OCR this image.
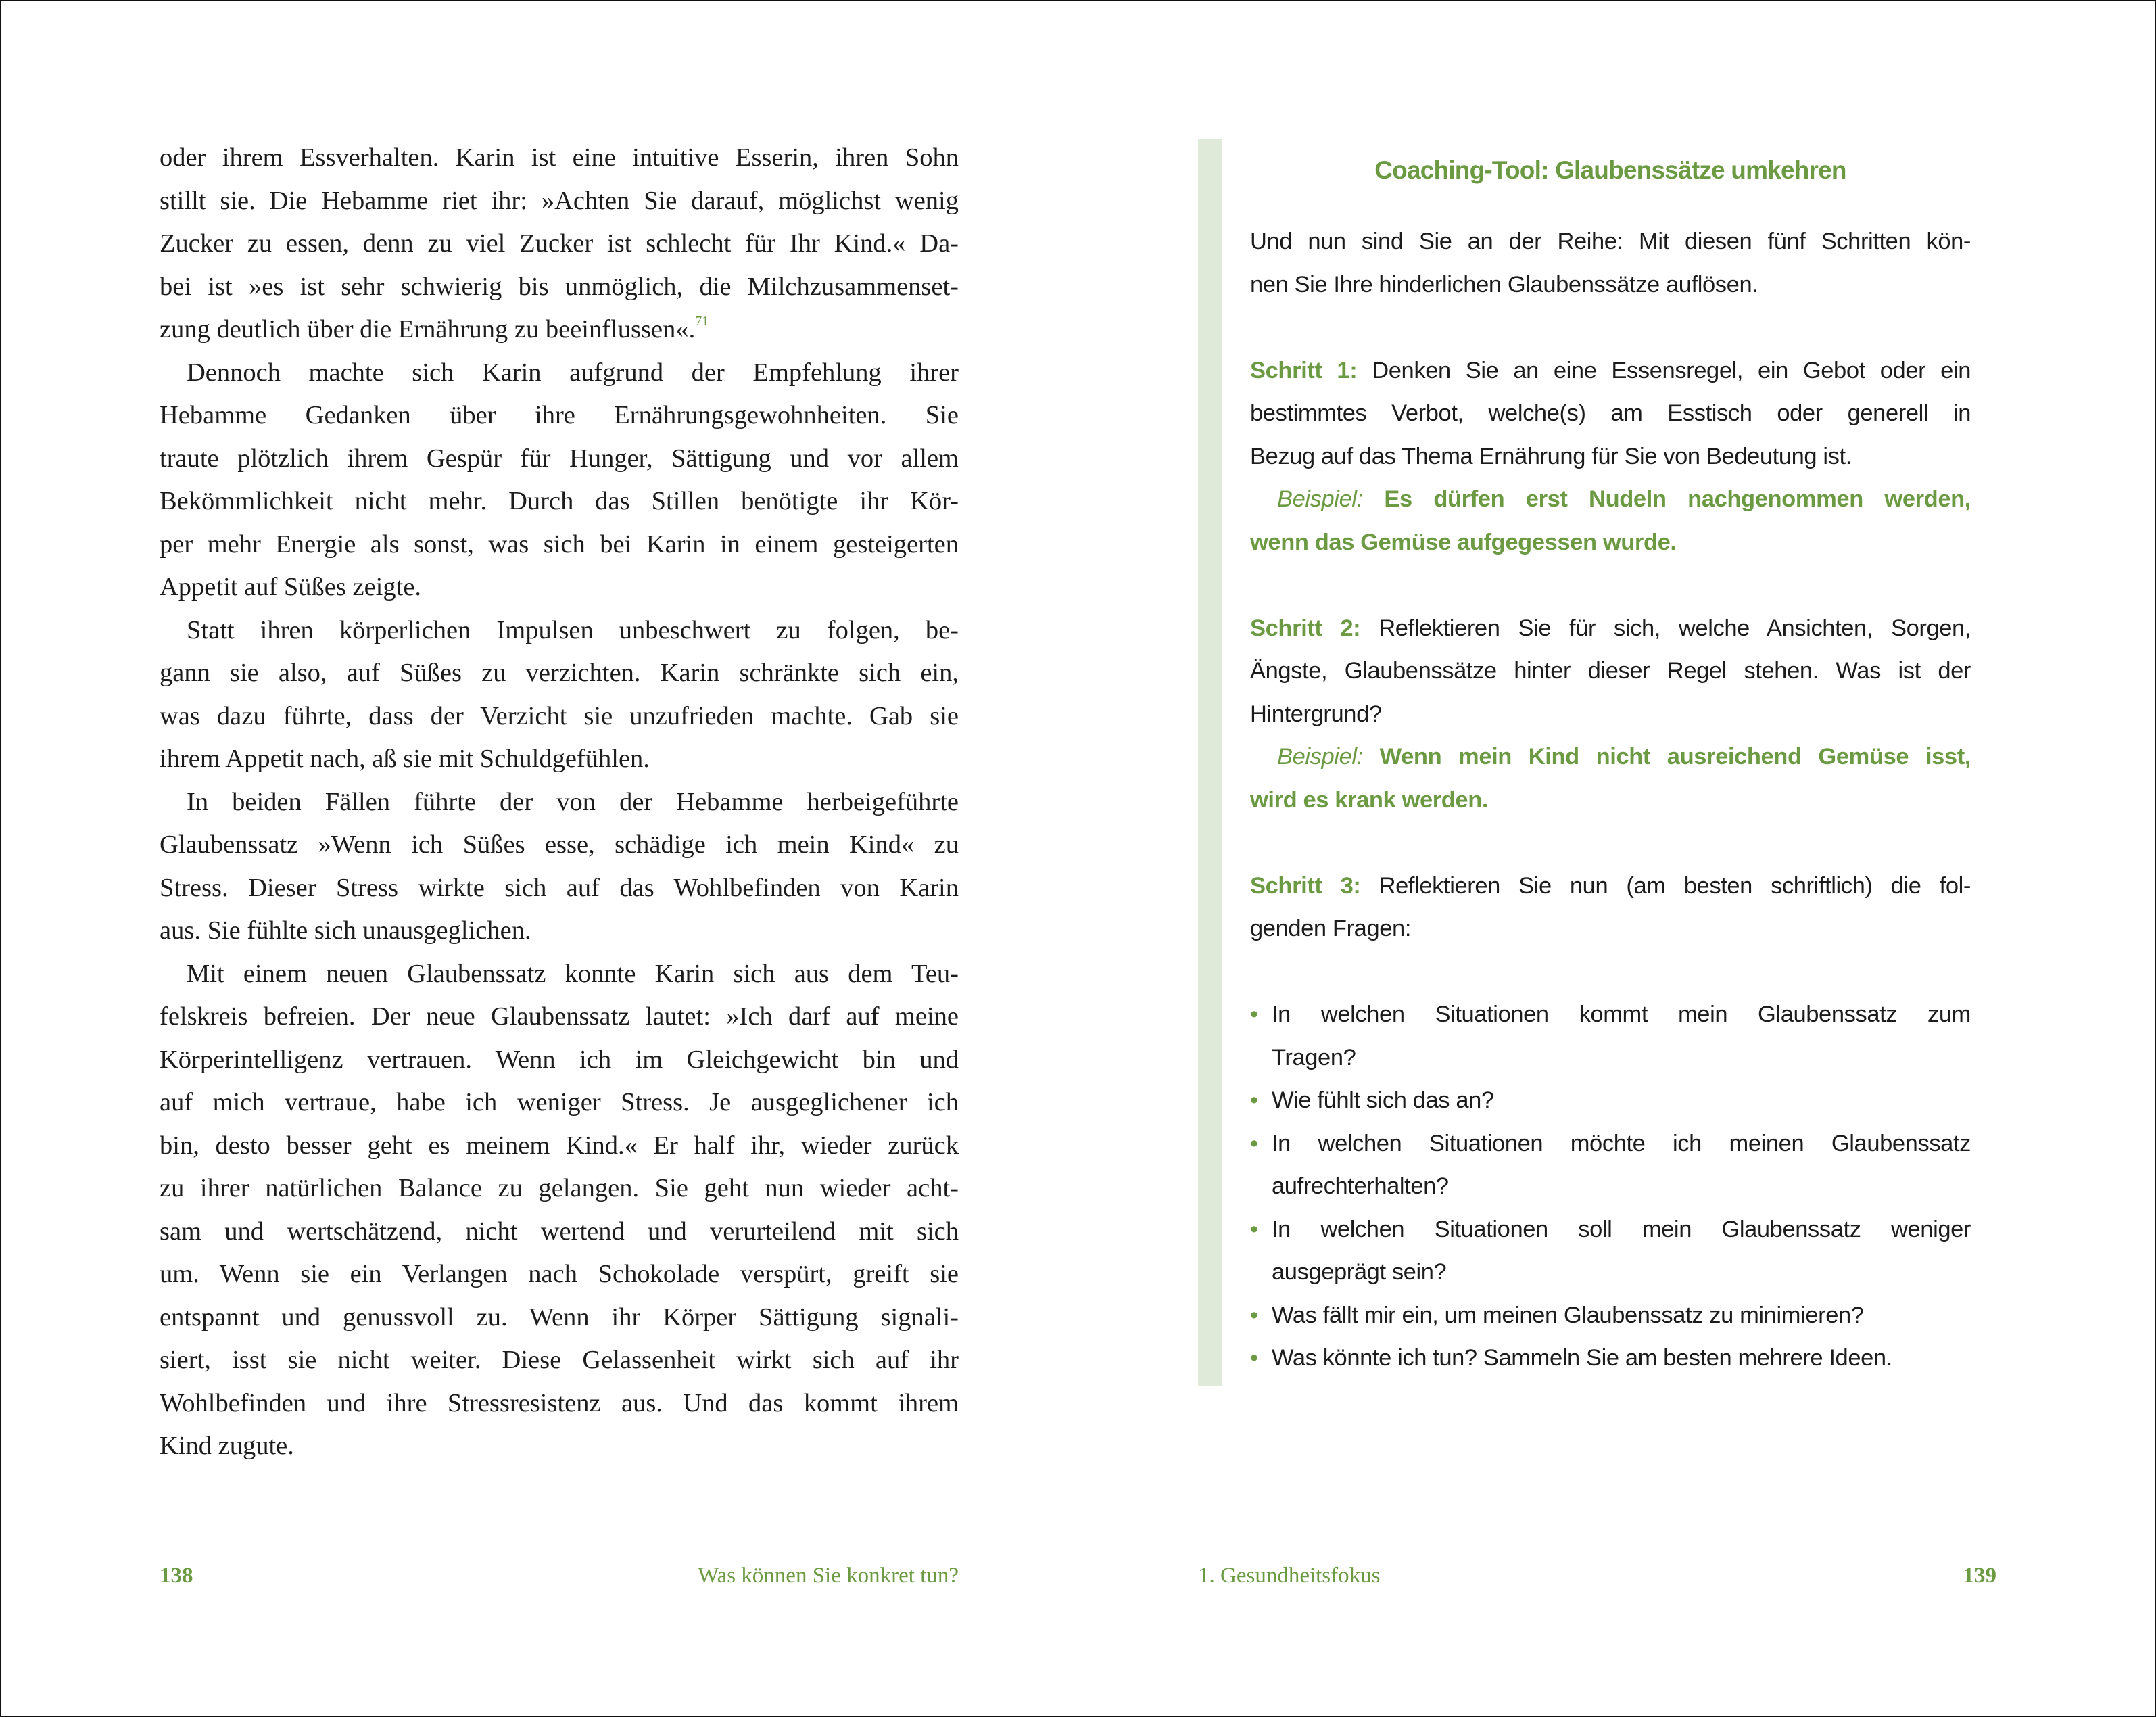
oder ihrem Essverhalten. Karin ist eine intuitive Esserin, ihren Sohn
stillt sie. Die Hebamme riet ihr: »Achten Sie darauf, möglichst wenig
Zucker zu essen, denn zu viel Zucker ist schlecht für Ihr Kind.« Da-
bei ist »es ist sehr schwierig bis unmöglich, die Milchzusammenset-
zung deutlich über die Ernährung zu beeinflussen«.$^{71}$
Dennoch machte sich Karin aufgrund der Empfehlung ihrer
Hebamme Gedanken über ihre Ernährungsgewohnheiten. Sie
traute plötzlich ihrem Gespür für Hunger, Sättigung und vor allem
Bekömmlichkeit nicht mehr. Durch das Stillen benötigte ihr Kör-
per mehr Energie als sonst, was sich bei Karin in einem gesteigerten
Appetit auf Süßes zeigte.
Statt ihren körperlichen Impulsen unbeschwert zu folgen, be-
gann sie also, auf Süßes zu verzichten. Karin schränkte sich ein,
was dazu führte, dass der Verzicht sie unzufrieden machte. Gab sie
ihrem Appetit nach, aß sie mit Schuldgefühlen.
In beiden Fällen führte der von der Hebamme herbeigeführte
Glaubenssatz »Wenn ich Süßes esse, schädige ich mein Kind« zu
Stress. Dieser Stress wirkte sich auf das Wohlbefinden von Karin
aus. Sie fühlte sich unausgeglichen.
Mit einem neuen Glaubenssatz konnte Karin sich aus dem Teu-
felskreis befreien. Der neue Glaubenssatz lautet: »Ich darf auf meine
Körperintelligenz vertrauen. Wenn ich im Gleichgewicht bin und
auf mich vertraue, habe ich weniger Stress. Je ausgeglichener ich
bin, desto besser geht es meinem Kind.« Er half ihr, wieder zurück
zu ihrer natürlichen Balance zu gelangen. Sie geht nun wieder acht-
sam und wertschätzend, nicht wertend und verurteilend mit sich
um. Wenn sie ein Verlangen nach Schokolade verspürt, greift sie
entspannt und genussvoll zu. Wenn ihr Körper Sättigung signali-
siert, isst sie nicht weiter. Diese Gelassenheit wirkt sich auf ihr
Wohlbefinden und ihre Stressresistenz aus. Und das kommt ihrem
Kind zugute.
Coaching-Tool: Glaubenssätze umkehren
Und nun sind Sie an der Reihe: Mit diesen fünf Schritten kön-
nen Sie Ihre hinderlichen Glaubenssätze auflösen.
Schritt 1: Denken Sie an eine Essensregel, ein Gebot oder ein
bestimmtes Verbot, welche(s) am Esstisch oder generell in
Bezug auf das Thema Ernährung für Sie von Bedeutung ist.
Beispiel: Es dürfen erst Nudeln nachgenommen werden,
wenn das Gemüse aufgegessen wurde.
Schritt 2: Reflektieren Sie für sich, welche Ansichten, Sorgen,
Ängste, Glaubenssätze hinter dieser Regel stehen. Was ist der
Hintergrund?
Beispiel: Wenn mein Kind nicht ausreichend Gemüse isst,
wird es krank werden.
Schritt 3: Reflektieren Sie nun (am besten schriftlich) die fol-
genden Fragen:
• In welchen Situationen kommt mein Glaubenssatz zum
Tragen?
• Wie fühlt sich das an?
• In welchen Situationen möchte ich meinen Glaubenssatz
aufrechterhalten?
• In welchen Situationen soll mein Glaubenssatz weniger
ausgeprägt sein?
• Was fällt mir ein, um meinen Glaubenssatz zu minimieren?
• Was könnte ich tun? Sammeln Sie am besten mehrere Ideen.
138	Was können Sie konkret tun?	1. Gesundheitsfokus	139
